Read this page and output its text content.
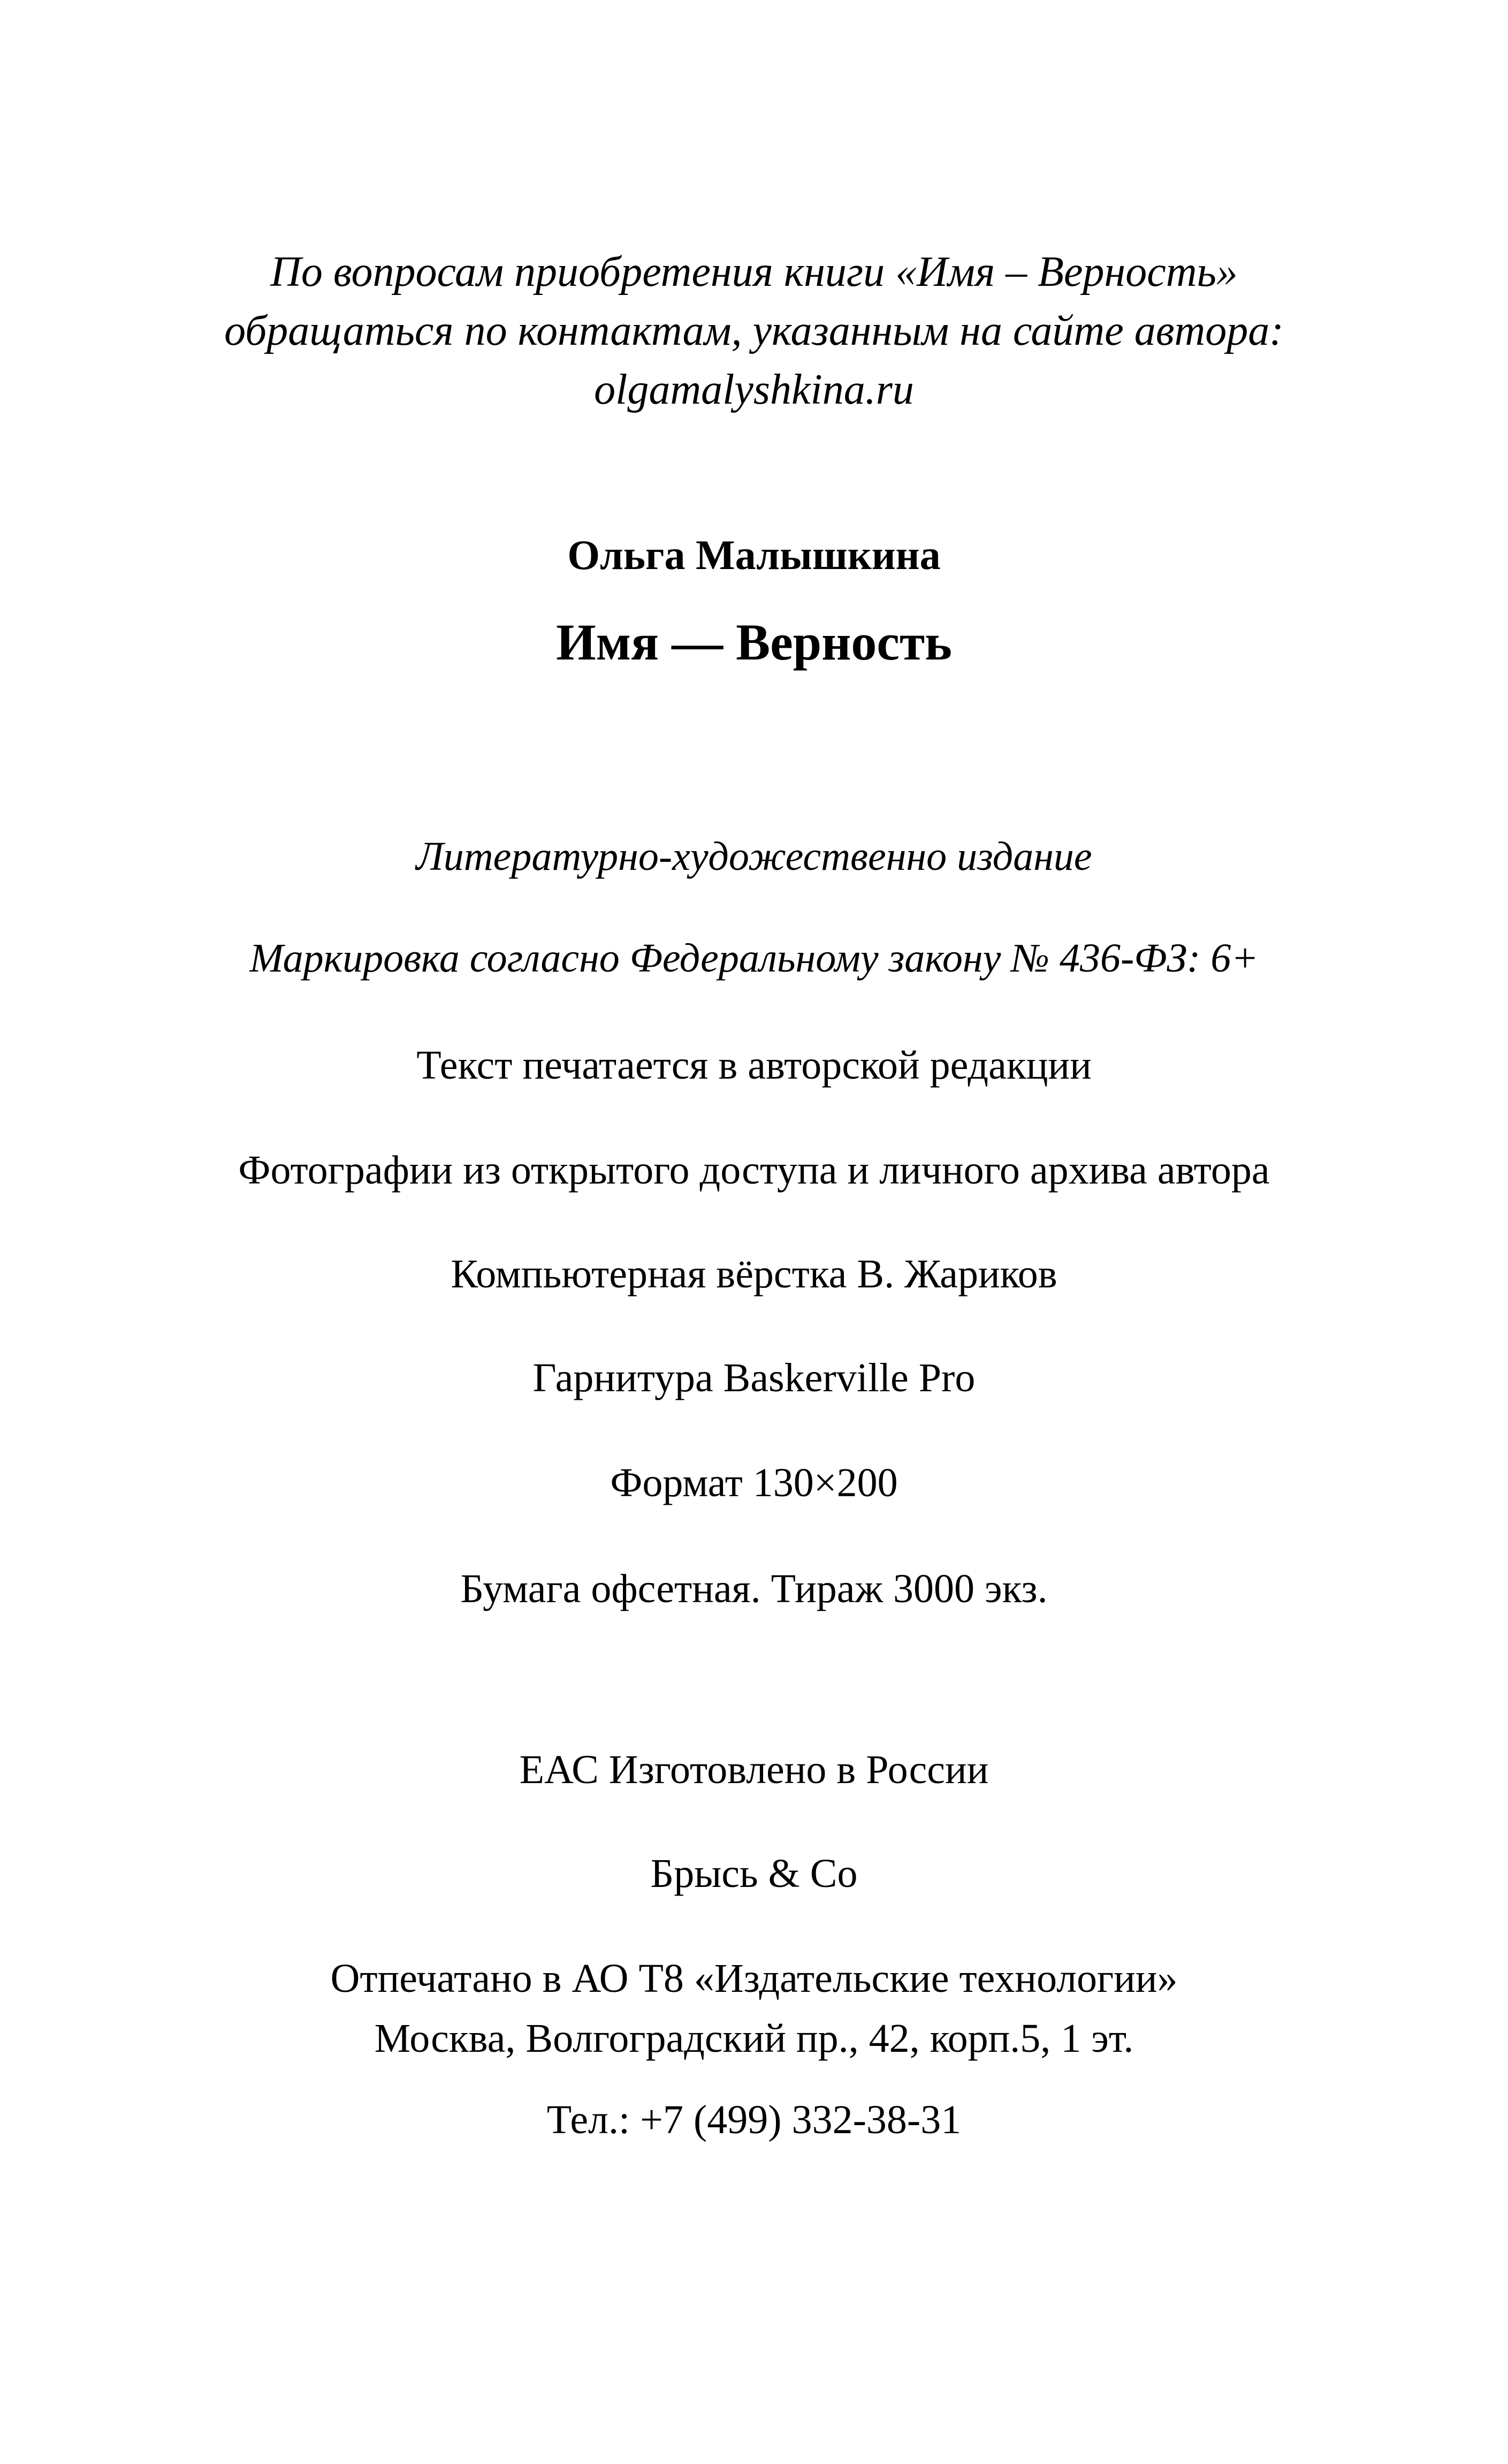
По вопросам приобретения книги «Имя – Верность»
обращаться по контактам, указанным на сайте автора:
olgamalyshkina.ru
Ольга Малышкина
Имя — Верность
Литературно-художественно издание
Маркировка согласно Федеральному закону № 436-ФЗ: 6+
Текст печатается в авторской редакции
Фотографии из открытого доступа и личного архива автора
Компьютерная вёрстка В. Жариков
Гарнитура Baskerville Pro
Формат 130×200
Бумага офсетная. Тираж 3000 экз.
ЕАС Изготовлено в России
Брысь & Co
Отпечатано в АО Т8 «Издательские технологии»
Москва, Волгоградский пр., 42, корп.5, 1 эт.
Тел.: +7 (499) 332-38-31
